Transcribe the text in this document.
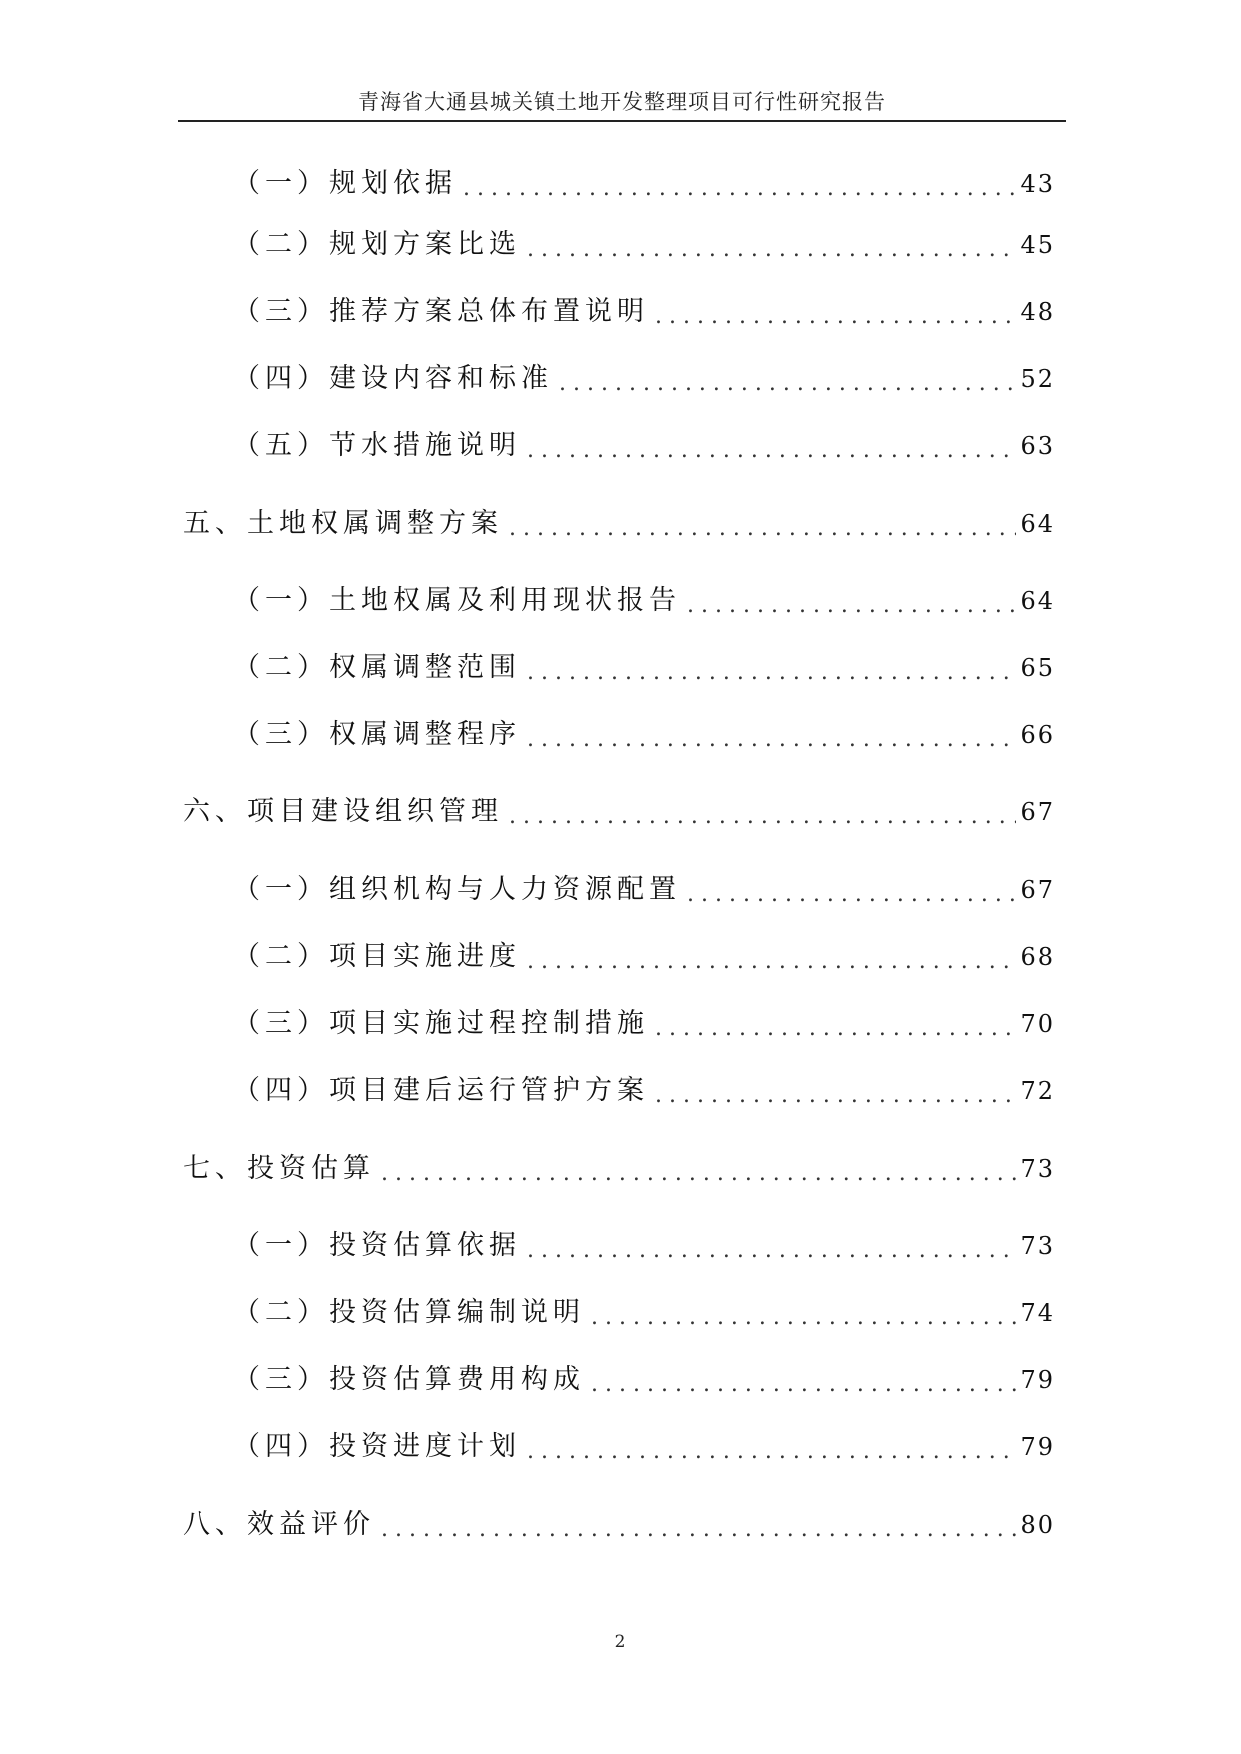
青海省大通县城关镇土地开发整理项目可行性研究报告
（一）规划依据 .....	43
（二）规划方案比选 .....	45
（三）推荐方案总体布置说明 .....	48
（四）建设内容和标准 .....	52
（五）节水措施说明 .....	63
五、土地权属调整方案 .....	64
（一）土地权属及利用现状报告 .....	64
（二）权属调整范围 .....	65
（三）权属调整程序 .....	66
六、项目建设组织管理 .....	67
（一）组织机构与人力资源配置 .....	67
（二）项目实施进度 .....	68
（三）项目实施过程控制措施 .....	70
（四）项目建后运行管护方案 .....	72
七、投资估算 .....	73
（一）投资估算依据 .....	73
（二）投资估算编制说明 .....	74
（三）投资估算费用构成 .....	79
（四）投资进度计划 .....	79
八、效益评价 .....	80
2
